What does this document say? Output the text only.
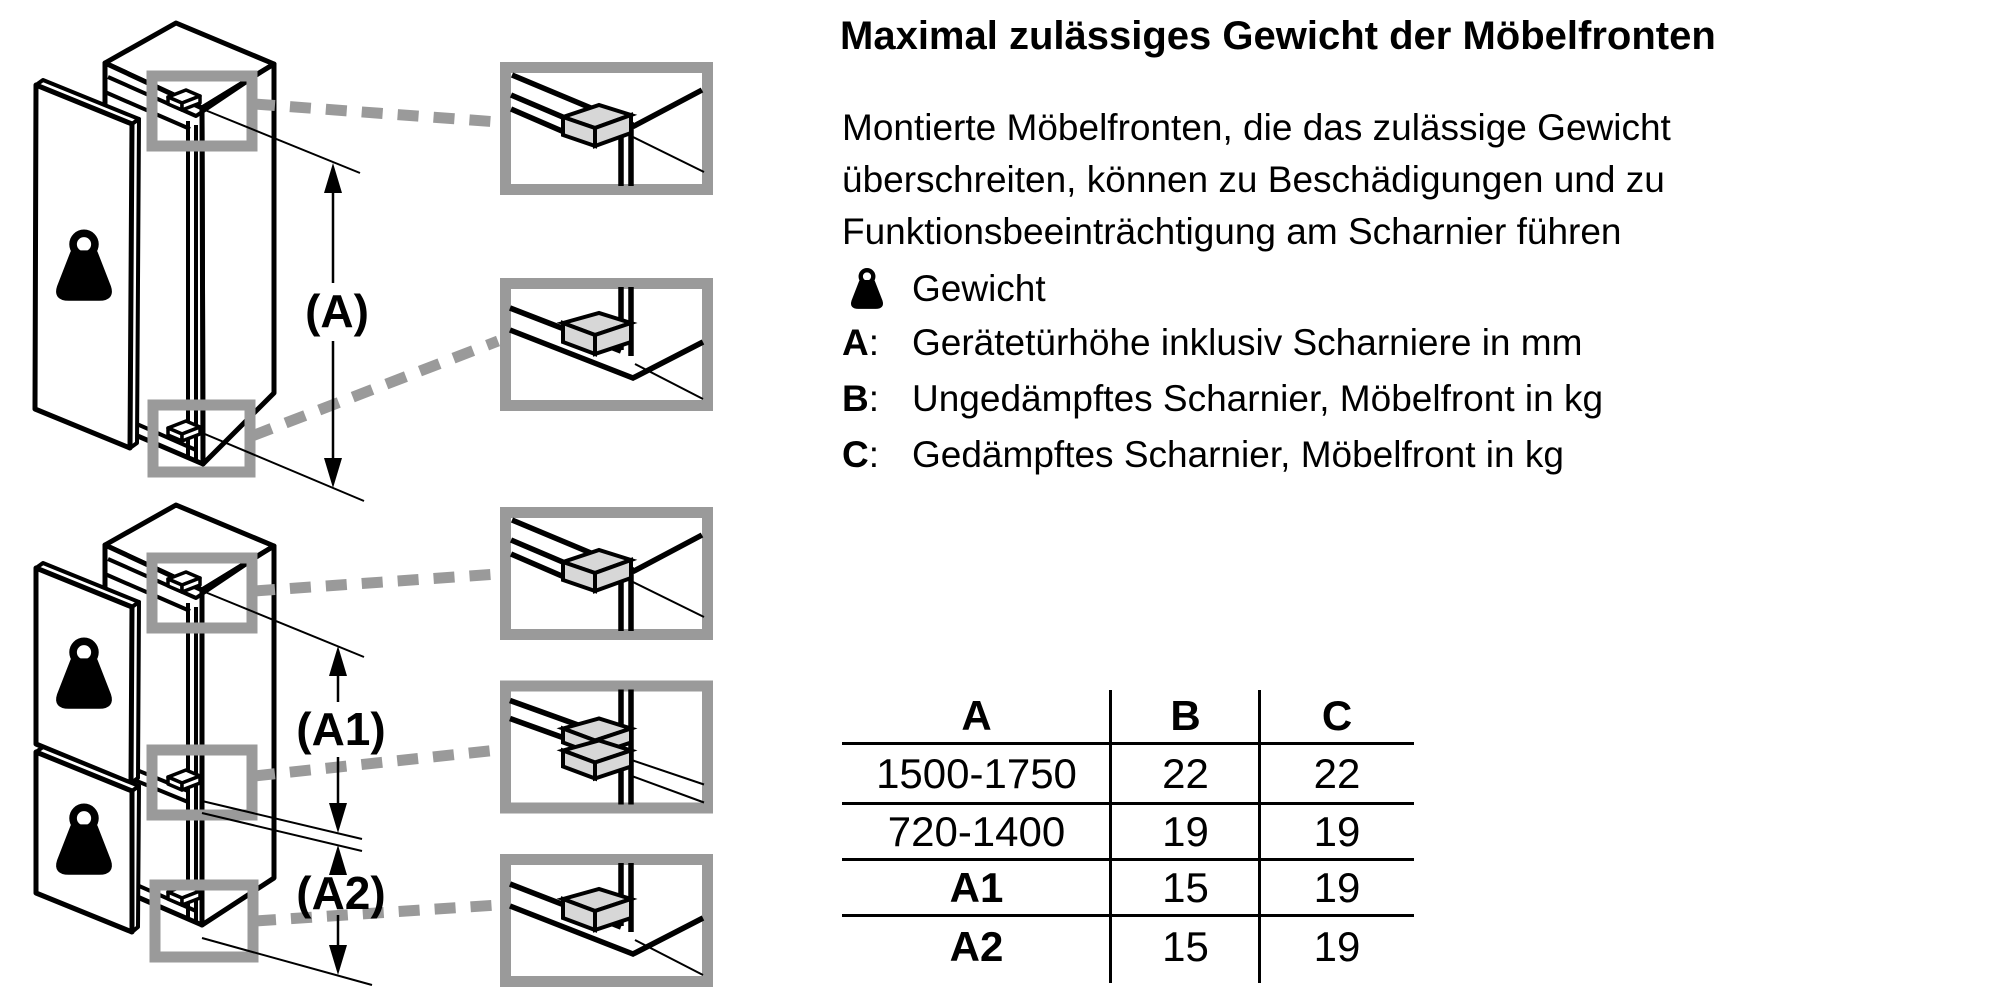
(A)
(A1)
(A2)
Maximal zulässiges Gewicht der Möbelfronten
Montierte Möbelfronten, die das zulässige Gewicht
überschreiten, können zu Beschädigungen und zu
Funktionsbeeinträchtigung am Scharnier führen
Gewicht
A: Gerätetürhöhe inklusiv Scharniere in mm
B: Ungedämpftes Scharnier, Möbelfront in kg
C: Gedämpftes Scharnier, Möbelfront in kg
A	B	C
1500-1750	22	22
720-1400	19	19
A1	15	19
A2	15	19
